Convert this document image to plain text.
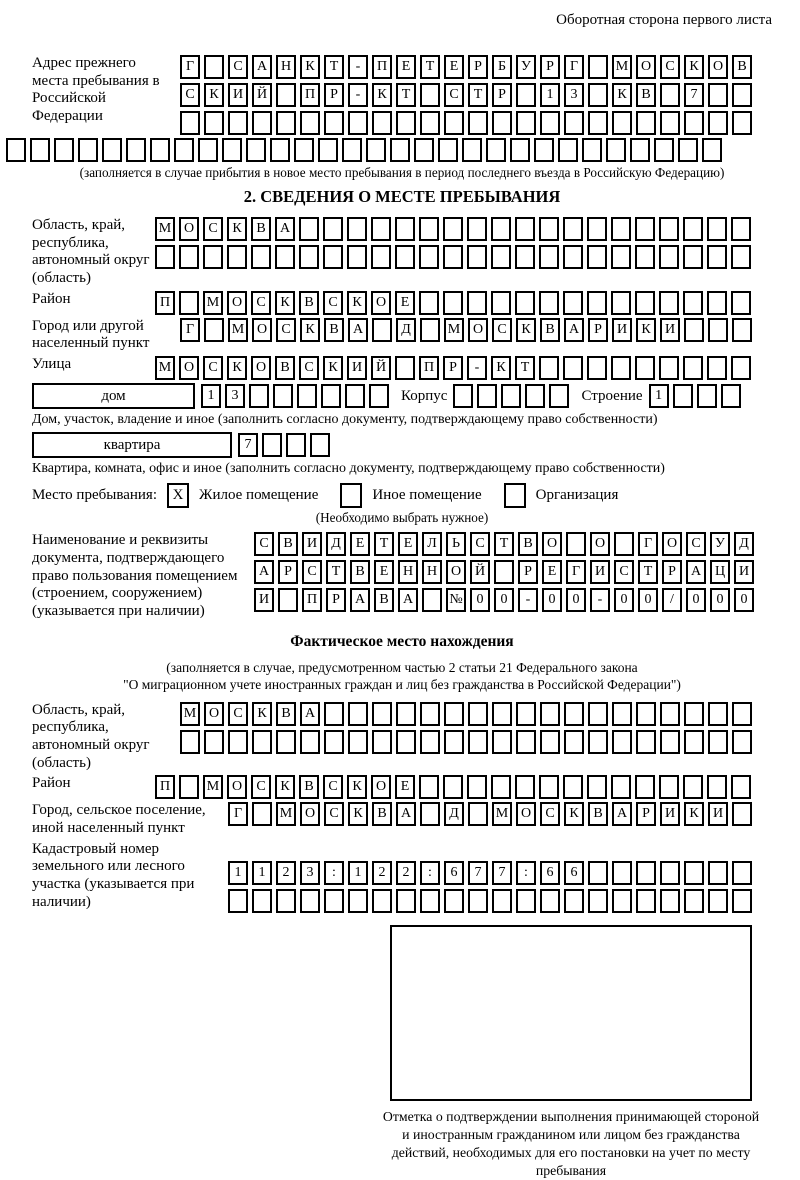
Оборотная сторона первого листа
Адрес прежнего места пребывания в Российской Федерации
Г	С	А Н	К	Т	-	П	Е	Т	Е	Р	Б	У	Р	Г	М О	С	К	О	В
С	К	И Й	П	Р	-	К	Т	С	Т	Р	1	3	К	В	7
(заполняется в случае прибытия в новое место пребывания в период последнего въезда в Российскую Федерацию)
2. СВЕДЕНИЯ О МЕСТЕ ПРЕБЫВАНИЯ
Область, край, республика, автономный округ (область)
М О	С	К	В	А
Район	П	М О	С	К	В	С	К	О	Е
Город или другой населенный пункт
Г	М О	С	К	В	А	Д	М О	С	К	В	А	Р	И	К	И
Улица	М О	С	К	О	В	С	К	И Й	П	Р	-	К	Т
дом	1	3	Корпус	Строение 1
Дом, участок, владение и иное (заполнить согласно документу, подтверждающему право собственности)
квартира	7
Квартира, комната, офис и иное (заполнить согласно документу, подтверждающему право собственности)
Место пребывания:	X	Жилое помещение	Иное помещение	Организация
(Необходимо выбрать нужное)
Наименование и реквизиты документа, подтверждающего право пользования помещением (строением, сооружением) (указывается при наличии)
С	В	И	Д	Е	Т	Е	Л	Ь	С	Т	В	О	О	Г	О	С	У	Д
А	Р	С	Т	В	Е	Н Н О Й	Р	Е	Г	И	С	Т	Р	А Ц И
И	П	Р	А	В	А	№ 0	0	-	0	0	-	0	0	/	0	0	0
Фактическое место нахождения
(заполняется в случае, предусмотренном частью 2 статьи 21 Федерального закона
"О миграционном учете иностранных граждан и лиц без гражданства в Российской Федерации")
Область, край, республика, автономный округ (область)
М О	С	К	В	А
Район	П	М О	С	К	В	С	К	О	Е
Город, сельское поселение, иной населенный пункт
Г	М О	С	К	В	А	Д	М О	С	К	В	А	Р	И	К	И
Кадастровый номер земельного или лесного участка (указывается при наличии)
1	1	2	3	:	1	2	2	:	6	7	7	:	6	6
Отметка о подтверждении выполнения принимающей стороной и иностранным гражданином или лицом без гражданства действий, необходимых для его постановки на учет по месту пребывания
